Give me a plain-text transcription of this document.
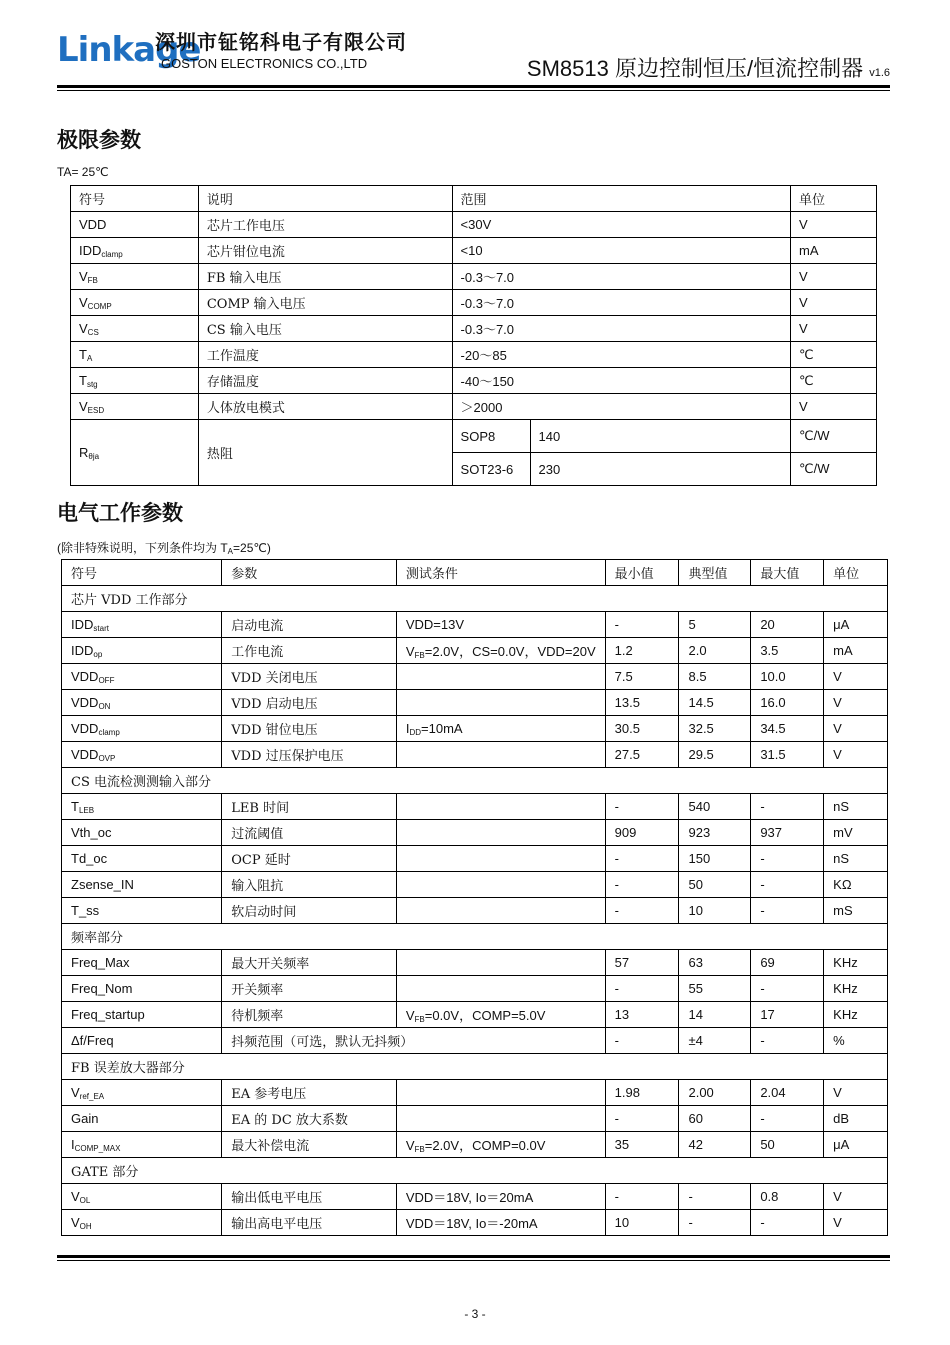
Linkage
深圳市钲铭科电子有限公司
GOSTON ELECTRONICS CO.,LTD	SM8513 原边控制恒压/恒流控制器 v1.6
极限参数
TA= 25℃
符号	说明	范围		单位
VDD	芯片工作电压	<30V		V
$IDD_{clamp}$	芯片钳位电流	<10		mA
$V_{FB}$	FB 输入电压	-0.3～7.0		V
$V_{COMP}$	COMP 输入电压	-0.3～7.0		V
$V_{CS}$	CS 输入电压	-0.3～7.0		V
$T_A$	工作温度	-20～85		℃
$T_{stg}$	存储温度	-40～150		℃
$V_{ESD}$	人体放电模式	＞2000		V
$R_{\theta ja}$	热阻	SOP8	140	℃/W
		SOT23-6	230	℃/W
电气工作参数
(除非特殊说明，下列条件均为 $T_A=25℃$)
符号	参数	测试条件	最小值	典型值	最大值	单位
芯片 VDD 工作部分						
$IDD_{start}$	启动电流	VDD=13V	-	5	20	μA
$IDD_{op}$	工作电流	$V_{FB}=2.0V$，CS=0.0V，VDD=20V	1.2	2.0	3.5	mA
$VDD_{OFF}$	VDD 关闭电压		7.5	8.5	10.0	V
$VDD_{ON}$	VDD 启动电压		13.5	14.5	16.0	V
$VDD_{clamp}$	VDD 钳位电压	$I_{DD}=10mA$	30.5	32.5	34.5	V
$VDD_{OVP}$	VDD 过压保护电压		27.5	29.5	31.5	V
CS 电流检测测输入部分						
$T_{LEB}$	LEB 时间		-	540	-	nS
Vth_oc	过流阈值		909	923	937	mV
Td_oc	OCP 延时		-	150	-	nS
Zsense_IN	输入阻抗		-	50	-	KΩ
T_ss	软启动时间		-	10	-	mS
频率部分						
Freq_Max	最大开关频率		57	63	69	KHz
Freq_Nom	开关频率		-	55	-	KHz
Freq_startup	待机频率	$V_{FB}=0.0V$，COMP=5.0V	13	14	17	KHz
Δf/Freq	抖频范围（可选，默认无抖频）		-	±4	-	%
FB 误差放大器部分						
$V_{ref\_EA}$	EA 参考电压		1.98	2.00	2.04	V
Gain	EA 的 DC 放大系数		-	60	-	dB
$I_{COMP\_MAX}$	最大补偿电流	$V_{FB}=2.0V$，COMP=0.0V	35	42	50	μA
GATE 部分						
$V_{OL}$	输出低电平电压	VDD＝18V, Io＝20mA	-	-	0.8	V
$V_{OH}$	输出高电平电压	VDD＝18V, Io＝-20mA	10	-	-	V
- 3 -
